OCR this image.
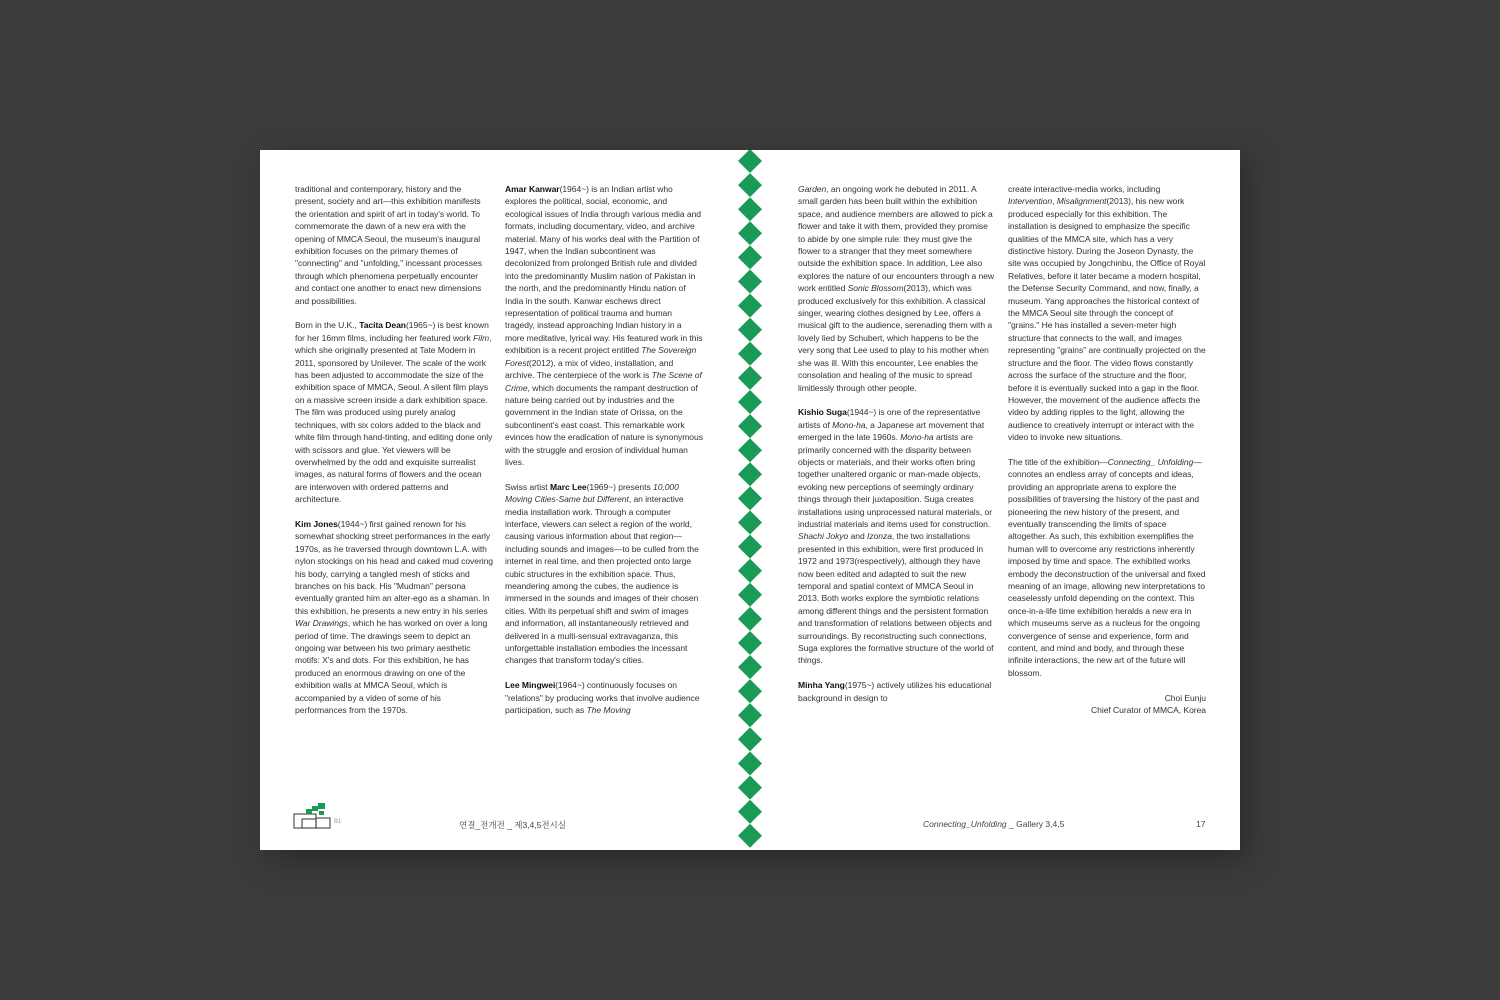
traditional and contemporary, history and the present, society and art—this exhibition manifests the orientation and spirit of art in today's world. To commemorate the dawn of a new era with the opening of MMCA Seoul, the museum's inaugural exhibition focuses on the primary themes of "connecting" and "unfolding," incessant processes through which phenomena perpetually encounter and contact one another to enact new dimensions and possibilities.

Born in the U.K., Tacita Dean(1965~) is best known for her 16mm films, including her featured work Film, which she originally presented at Tate Modern in 2011, sponsored by Unilever. The scale of the work has been adjusted to accommodate the size of the exhibition space of MMCA, Seoul. A silent film plays on a massive screen inside a dark exhibition space. The film was produced using purely analog techniques, with six colors added to the black and white film through hand-tinting, and editing done only with scissors and glue. Yet viewers will be overwhelmed by the odd and exquisite surrealist images, as natural forms of flowers and the ocean are interwoven with ordered patterns and architecture.

Kim Jones(1944~) first gained renown for his somewhat shocking street performances in the early 1970s, as he traversed through downtown L.A. with nylon stockings on his head and caked mud covering his body, carrying a tangled mesh of sticks and branches on his back. His "Mudman" persona eventually granted him an alter-ego as a shaman. In this exhibition, he presents a new entry in his series War Drawings, which he has worked on over a long period of time. The drawings seem to depict an ongoing war between his two primary aesthetic motifs: X's and dots. For this exhibition, he has produced an enormous drawing on one of the exhibition walls at MMCA Seoul, which is accompanied by a video of some of his performances from the 1970s.

Amar Kanwar(1964~) is an Indian artist who explores the political, social, economic, and ecological issues of India through various media and formats, including documentary, video, and archive material. Many of his works deal with the Partition of 1947, when the Indian subcontinent was decolonized from prolonged British rule and divided into the predominantly Muslim nation of Pakistan in the north, and the predominantly Hindu nation of India in the south. Kanwar eschews direct representation of political trauma and human tragedy, instead approaching Indian history in a more meditative, lyrical way. His featured work in this exhibition is a recent project entitled The Sovereign Forest(2012), a mix of video, installation, and archive. The centerpiece of the work is The Scene of Crime, which documents the rampant destruction of nature being carried out by industries and the government in the Indian state of Orissa, on the subcontinent's east coast. This remarkable work evinces how the eradication of nature is synonymous with the struggle and erosion of individual human lives.

Swiss artist Marc Lee(1969~) presents 10,000 Moving Cities-Same but Different, an interactive media installation work. Through a computer interface, viewers can select a region of the world, causing various information about that region—including sounds and images—to be culled from the internet in real time, and then projected onto large cubic structures in the exhibition space. Thus, meandering among the cubes, the audience is immersed in the sounds and images of their chosen cities. With its perpetual shift and swim of images and information, all instantaneously retrieved and delivered in a multi-sensual extravaganza, this unforgettable installation embodies the incessant changes that transform today's cities.

Lee Mingwei(1964~) continuously focuses on "relations" by producing works that involve audience participation, such as The Moving

Garden, an ongoing work he debuted in 2011. A small garden has been built within the exhibition space, and audience members are allowed to pick a flower and take it with them, provided they promise to abide by one simple rule: they must give the flower to a stranger that they meet somewhere outside the exhibition space. In addition, Lee also explores the nature of our encounters through a new work entitled Sonic Blossom(2013), which was produced exclusively for this exhibition. A classical singer, wearing clothes designed by Lee, offers a musical gift to the audience, serenading them with a lovely lied by Schubert, which happens to be the very song that Lee used to play to his mother when she was ill. With this encounter, Lee enables the consolation and healing of the music to spread limitlessly through other people.

Kishio Suga(1944~) is one of the representative artists of Mono-ha, a Japanese art movement that emerged in the late 1960s. Mono-ha artists are primarily concerned with the disparity between objects or materials, and their works often bring together unaltered organic or man-made objects, evoking new perceptions of seemingly ordinary things through their juxtaposition. Suga creates installations using unprocessed natural materials, or industrial materials and items used for construction. Shachi Jokyo and Izonza, the two installations presented in this exhibition, were first produced in 1972 and 1973(respectively), although they have now been edited and adapted to suit the new temporal and spatial context of MMCA Seoul in 2013. Both works explore the symbiotic relations among different things and the persistent formation and transformation of relations between objects and surroundings. By reconstructing such connections, Suga explores the formative structure of the world of things.

Minha Yang(1975~) actively utilizes his educational background in design to

create interactive-media works, including Intervention, Misalignment(2013), his new work produced especially for this exhibition. The installation is designed to emphasize the specific qualities of the MMCA site, which has a very distinctive history. During the Joseon Dynasty, the site was occupied by Jongchinbu, the Office of Royal Relatives, before it later became a modern hospital, the Defense Security Command, and now, finally, a museum. Yang approaches the historical context of the MMCA Seoul site through the concept of "grains." He has installed a seven-meter high structure that connects to the wall, and images representing "grains" are continually projected on the structure and the floor. The video flows constantly across the surface of the structure and the floor, before it is eventually sucked into a gap in the floor. However, the movement of the audience affects the video by adding ripples to the light, allowing the audience to creatively interrupt or interact with the video to invoke new situations.

The title of the exhibition—Connecting_ Unfolding—connotes an endless array of concepts and ideas, providing an appropriate arena to explore the possibilities of traversing the history of the past and pioneering the new history of the present, and eventually transcending the limits of space altogether. As such, this exhibition exemplifies the human will to overcome any restrictions inherently imposed by time and space. The exhibited works embody the deconstruction of the universal and fixed meaning of an image, allowing new interpretations to ceaselessly unfold depending on the context. This once-in-a-life time exhibition heralds a new era in which museums serve as a nucleus for the ongoing convergence of sense and experience, form and content, and mind and body, and through these infinite interactions, the new art of the future will blossom.

Choi Eunju

Chief Curator of MMCA, Korea

B1	연결_전개전 _ 제3,4,5전시실	Connecting_Unfolding _ Gallery 3,4,5	17
